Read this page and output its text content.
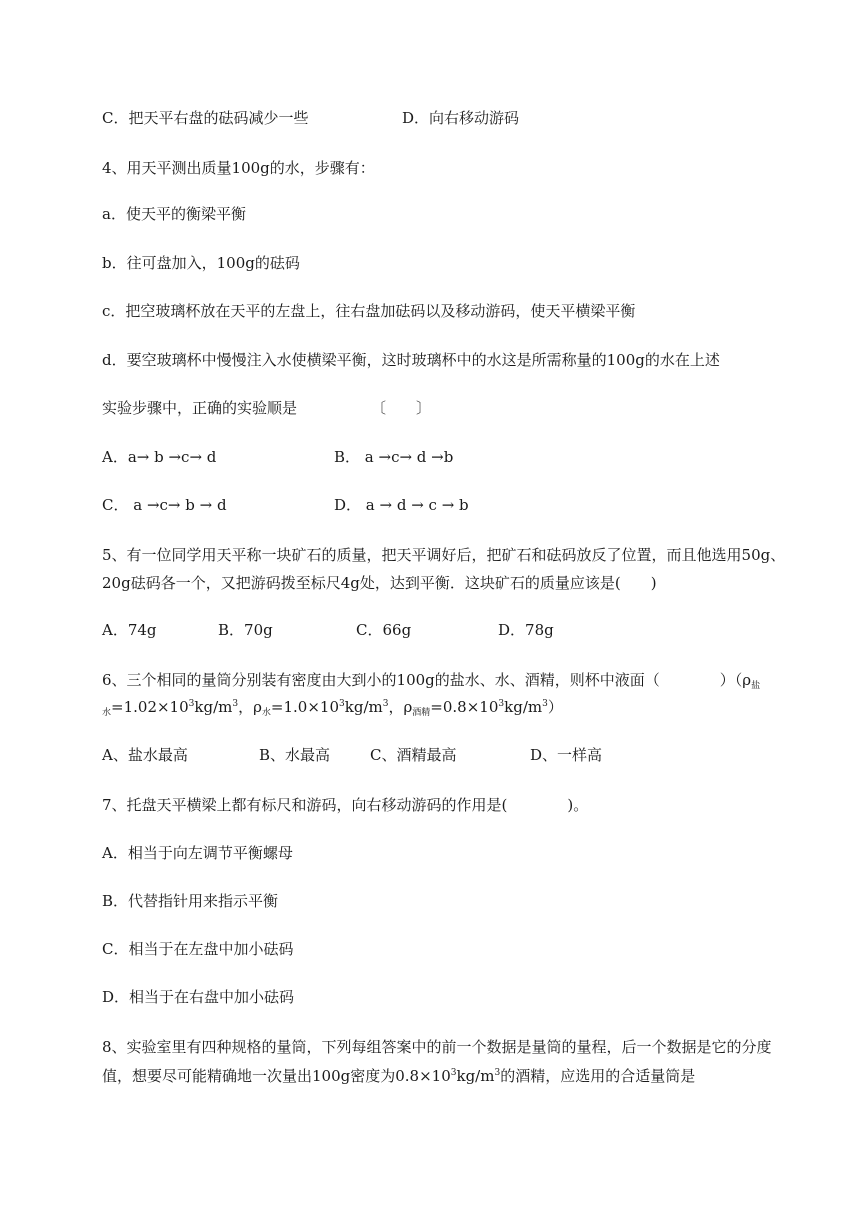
C．把天平右盘的砝码减少一些	D．向右移动游码
4、用天平测出质量100g的水，步骤有：
a．使天平的衡梁平衡
b．往可盘加入，100g的砝码
c．把空玻璃杯放在天平的左盘上，往右盘加砝码以及移动游码，使天平横梁平衡
d．要空玻璃杯中慢慢注入水使横梁平衡，这时玻璃杯中的水这是所需称量的100g的水在上述
实验步骤中，正确的实验顺是	〔　　〕
A．a→ b →c→ d	B． a →c→ d →b
C． a →c→ b → d	D． a → d → c → b
5、有一位同学用天平称一块矿石的质量，把天平调好后，把矿石和砝码放反了位置，而且他选用50g、
20g砝码各一个，又把游码拨至标尺4g处，达到平衡．这块矿石的质量应该是(　　)
A．74g	B．70g	C．66g	D．78g
6、三个相同的量筒分别装有密度由大到小的100g的盐水、水、酒精，则杯中液面（　　　　）（$\rho_盐$
$_水=1.02\times 10^3kg/m^3$，$\rho_水=1.0\times 10^3kg/m^3$，$\rho_{酒精}=0.8\times 10^3kg/m^3$）
A、盐水最高	B、水最高	C、酒精最高	D、一样高
7、托盘天平横梁上都有标尺和游码，向右移动游码的作用是(　　　　)。
A．相当于向左调节平衡螺母
B．代替指针用来指示平衡
C．相当于在左盘中加小砝码
D．相当于在右盘中加小砝码
8、实验室里有四种规格的量筒，下列每组答案中的前一个数据是量筒的量程，后一个数据是它的分度
值，想要尽可能精确地一次量出100g密度为$0.8\times 10^3kg/m^3$的酒精，应选用的合适量筒是
